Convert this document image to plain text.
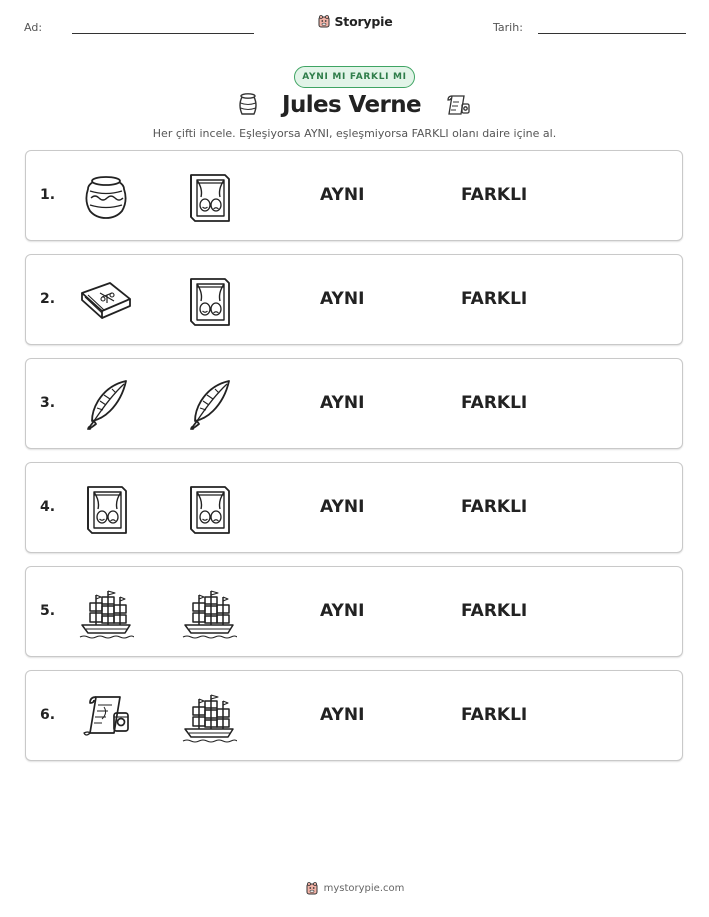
Ad:	Storypie	Tarih:
AYNI MI FARKLI MI
Jules Verne
Her çifti incele. Eşleşiyorsa AYNI, eşleşmiyorsa FARKLI olanı daire içine al.
1.	AYNI	FARKLI
2.	AYNI	FARKLI
3.	AYNI	FARKLI
4.	AYNI	FARKLI
5.	AYNI	FARKLI
6.	AYNI	FARKLI
mystorypie.com
